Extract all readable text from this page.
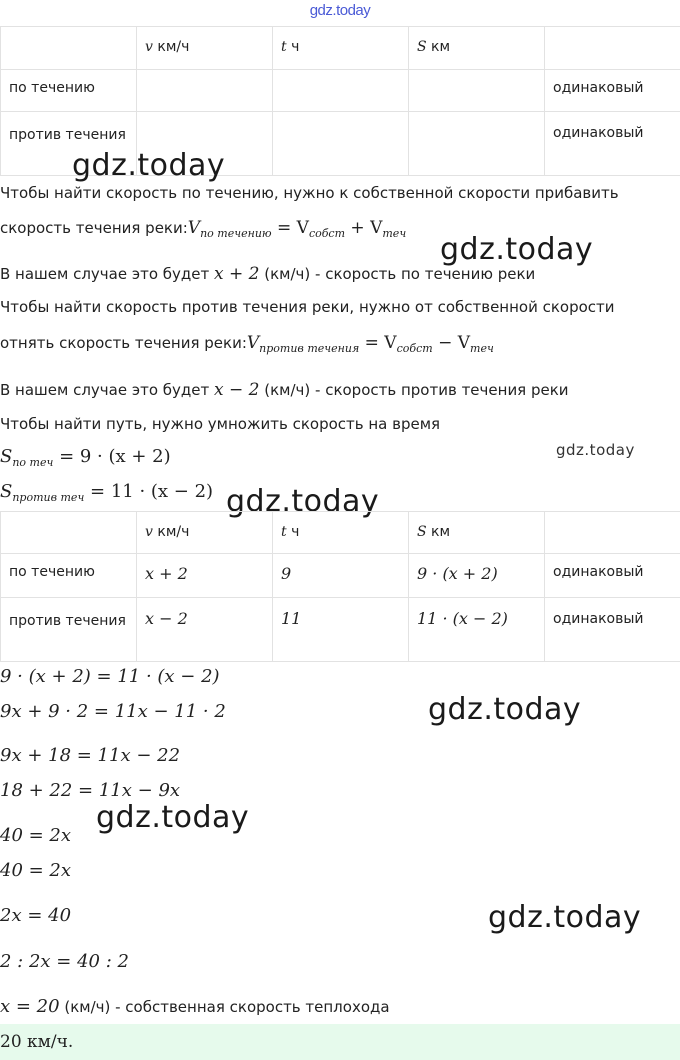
gdz.today

	v км/ч	t ч	S км	

по течению				одинаковый

против течения				одинаковый
gdz.today
Чтобы найти скорость по течению, нужно к собственной скорости прибавить
скорость течения $реки:V_{по течению} = V_{собст} + V_{теч}$ gdz.today
В нашем случае это будет x + 2 (км/ч) - скорость по течению реки
Чтобы найти скорость против течения реки, нужно от собственной скорости
отнять скорость течения $реки:V_{против течения} = V_{собст} - V_{теч}$
В нашем случае это будет x − 2 (км/ч) - скорость против течения реки
Чтобы найти путь, нужно умножить скорость на время
gdz.today
$S_{по теч} = 9 \cdot (x + 2)$
$S_{против теч} = 11 \cdot (x - 2)$ gdz.today

	v км/ч	t ч	S км	

по течению	x + 2	9	9 · (x + 2)	одинаковый

против течения	x − 2	11	11 · (x − 2)	одинаковый
9 · (x + 2) = 11 · (x − 2)
9x + 9 · 2 = 11x − 11 · 2	gdz.today
9x + 18 = 11x − 22
18 + 22 = 11x − 9x
gdz.today
40 = 2x
40 = 2x
gdz.today
2x = 40
2 : 2x = 40 : 2
x = 20 (км/ч) - собственная скорость теплохода
20 км/ч.
